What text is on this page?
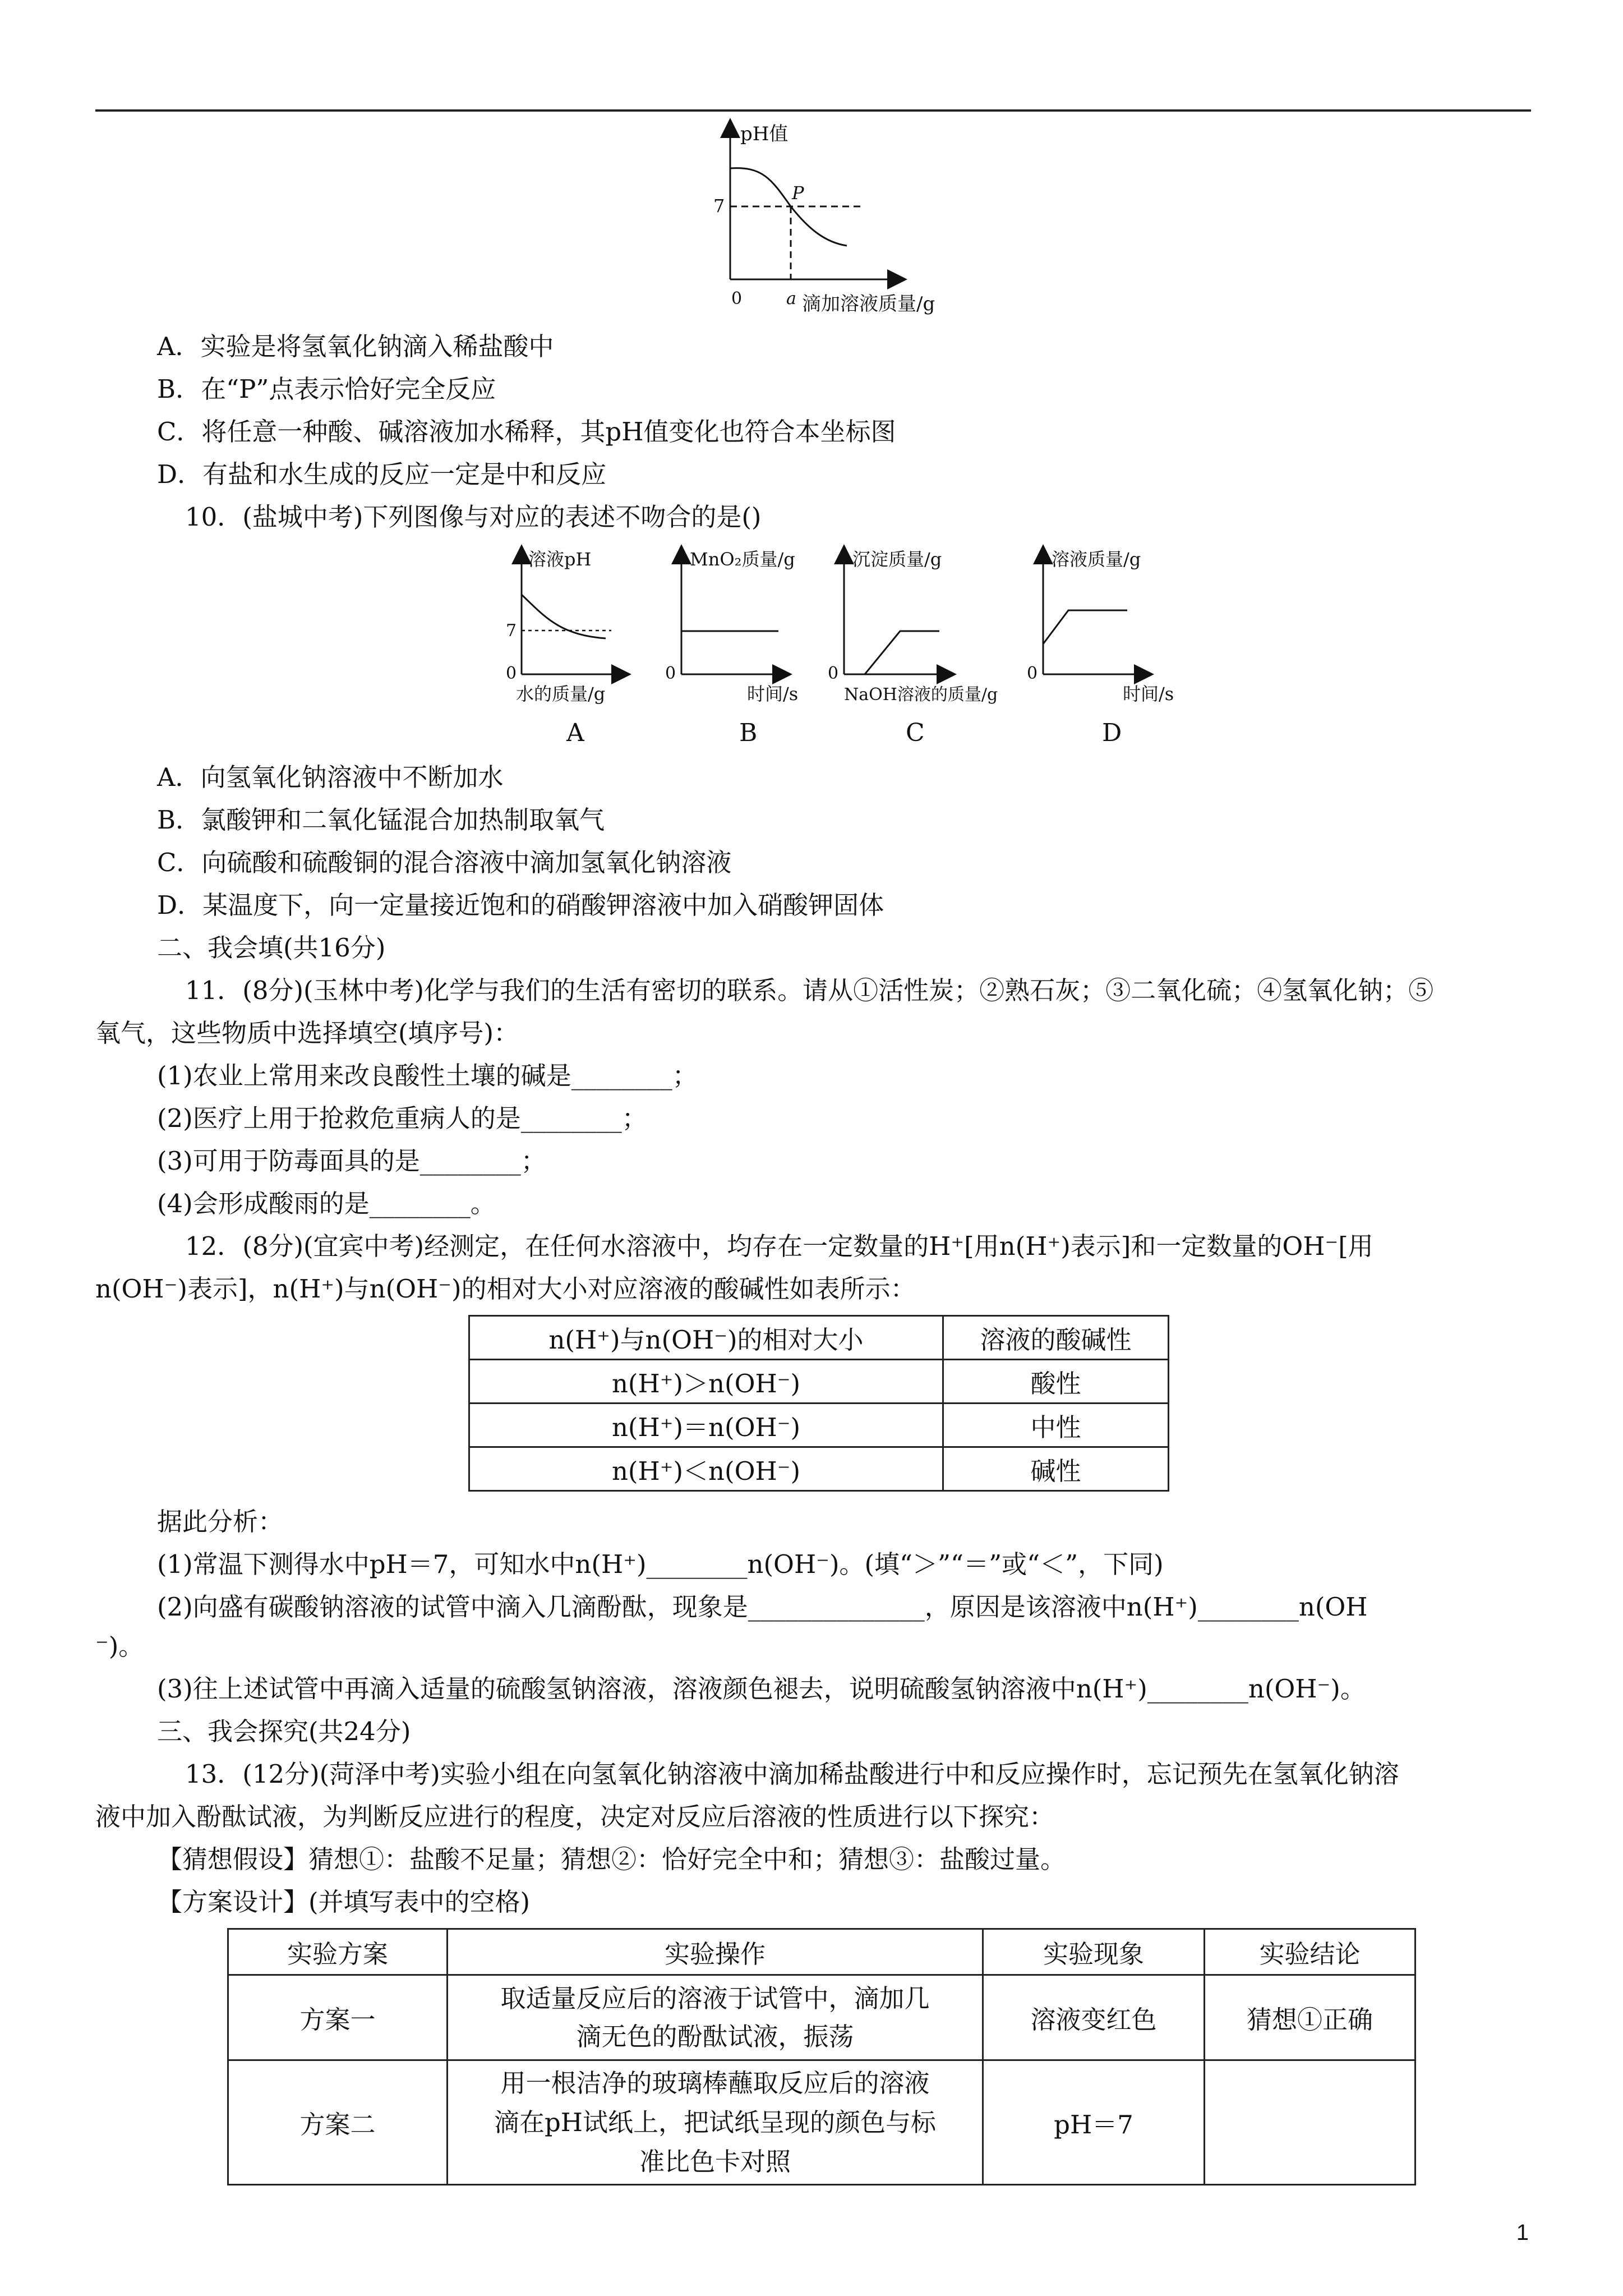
pH值
7
0	a 滴加溶液质量/g
P
A．实验是将氢氧化钠滴入稀盐酸中
B．在“P”点表示恰好完全反应
C．将任意一种酸、碱溶液加水稀释，其pH值变化也符合本坐标图
D．有盐和水生成的反应一定是中和反应
10．(盐城中考)下列图像与对应的表述不吻合的是()
溶液pH
7
0
水的质量/g
A
MnO₂质量/g
0
时间/s
B
沉淀质量/g
0
NaOH溶液的质量/g
C
溶液质量/g
0
时间/s
D
A．向氢氧化钠溶液中不断加水
B．氯酸钾和二氧化锰混合加热制取氧气
C．向硫酸和硫酸铜的混合溶液中滴加氢氧化钠溶液
D．某温度下，向一定量接近饱和的硝酸钾溶液中加入硝酸钾固体
二、我会填(共16分)
11．(8分)(玉林中考)化学与我们的生活有密切的联系。请从①活性炭；②熟石灰；③二氧化硫；④氢氧化钠；⑤
氧气，这些物质中选择填空(填序号)：
(1)农业上常用来改良酸性土壤的碱是________；
(2)医疗上用于抢救危重病人的是________；
(3)可用于防毒面具的是________；
(4)会形成酸雨的是________。
12．(8分)(宜宾中考)经测定，在任何水溶液中，均存在一定数量的H⁺[用n(H⁺)表示]和一定数量的OH⁻[用
n(OH⁻)表示]，n(H⁺)与n(OH⁻)的相对大小对应溶液的酸碱性如表所示：
n(H⁺)与n(OH⁻)的相对大小	溶液的酸碱性
n(H⁺)＞n(OH⁻)	酸性
n(H⁺)＝n(OH⁻)	中性
n(H⁺)＜n(OH⁻)	碱性
据此分析：
(1)常温下测得水中pH＝7，可知水中n(H⁺)________n(OH⁻)。(填“＞”“＝”或“＜”，下同)
(2)向盛有碳酸钠溶液的试管中滴入几滴酚酞，现象是______________，原因是该溶液中n(H⁺)________n(OH
⁻)。
(3)往上述试管中再滴入适量的硫酸氢钠溶液，溶液颜色褪去，说明硫酸氢钠溶液中n(H⁺)________n(OH⁻)。
三、我会探究(共24分)
13．(12分)(菏泽中考)实验小组在向氢氧化钠溶液中滴加稀盐酸进行中和反应操作时，忘记预先在氢氧化钠溶
液中加入酚酞试液，为判断反应进行的程度，决定对反应后溶液的性质进行以下探究：
【猜想假设】猜想①：盐酸不足量；猜想②：恰好完全中和；猜想③：盐酸过量。
【方案设计】(并填写表中的空格)
实验方案	实验操作	实验现象	实验结论
方案一	取适量反应后的溶液于试管中，滴加几
滴无色的酚酞试液，振荡	溶液变红色	猜想①正确
方案二	用一根洁净的玻璃棒蘸取反应后的溶液
滴在pH试纸上，把试纸呈现的颜色与标
准比色卡对照	pH＝7	
1
